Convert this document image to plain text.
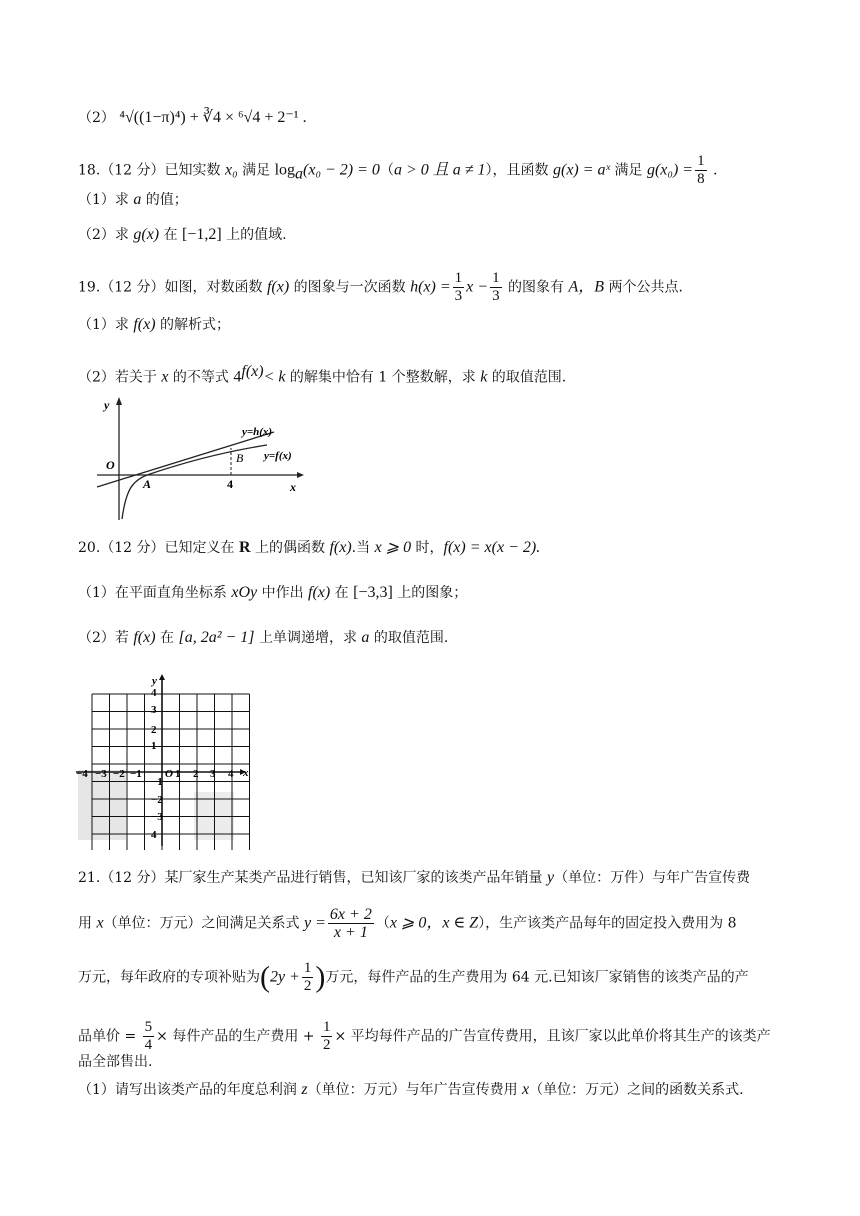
（2） ⁴√((1−π)⁴) + ∛4 × ⁶√4 + 2⁻¹ .
18.（12 分）已知实数 x₀ 满足 $\log_a(x_0 - 2) = 0(a > 0$ 且 a ≠ 1），且函数 g(x) = aˣ 满足 $g(x_0) = \frac{1}{8}$ .
（1）求 a 的值；
（2）求 g(x) 在 [−1,2] 上的值域.
19.（12 分）如图，对数函数 f(x) 的图象与一次函数 $h(x) = \frac{1}{3}$ $x - \frac{1}{3}$ 的图象有 A，B 两个公共点.
（1）求 f(x) 的解析式；
（2）若关于 x 的不等式 $4^{f(x)}< k$ 的解集中恰有 1 个整数解，求 k 的取值范围.
y
x
O
A
B
4
y=h(x)
y=f(x)
20.（12 分）已知定义在 R 上的偶函数 f(x).当 x ⩾ 0 时，f(x) = x(x − 2).
（1）在平面直角坐标系 xOy 中作出 f(x) 在 [−3,3] 上的图象；
（2）若 f(x) 在 [a, 2a² − 1] 上单调递增，求 a 的取值范围.
y
x
O
4
3
2
1
−1
−2
−3
4
−4 −3 −2 −1	1 2 3 4
21.（12 分）某厂家生产某类产品进行销售，已知该厂家的该类产品年销量 y（单位：万件）与年广告宣传费
用 x（单位：万元）之间满足关系式 $y = \frac{6x + 2}{x + 1} (x$ ⩾ 0，x ∈ Z），生产该类产品每年的固定投入费用为 8
万元，每年政府的专项补贴为($2y + \frac{1}{2}$ )万元，每件产品的生产费用为 64 元.已知该厂家销售的该类产品的产
品单价 = $\frac{5}{4}$ × 每件产品的生产费用 + $\frac{1}{2}$ × 平均每件产品的广告宣传费用，且该厂家以此单价将其生产的该类产
品全部售出.
（1）请写出该类产品的年度总利润 z（单位：万元）与年广告宣传费用 x（单位：万元）之间的函数关系式.
